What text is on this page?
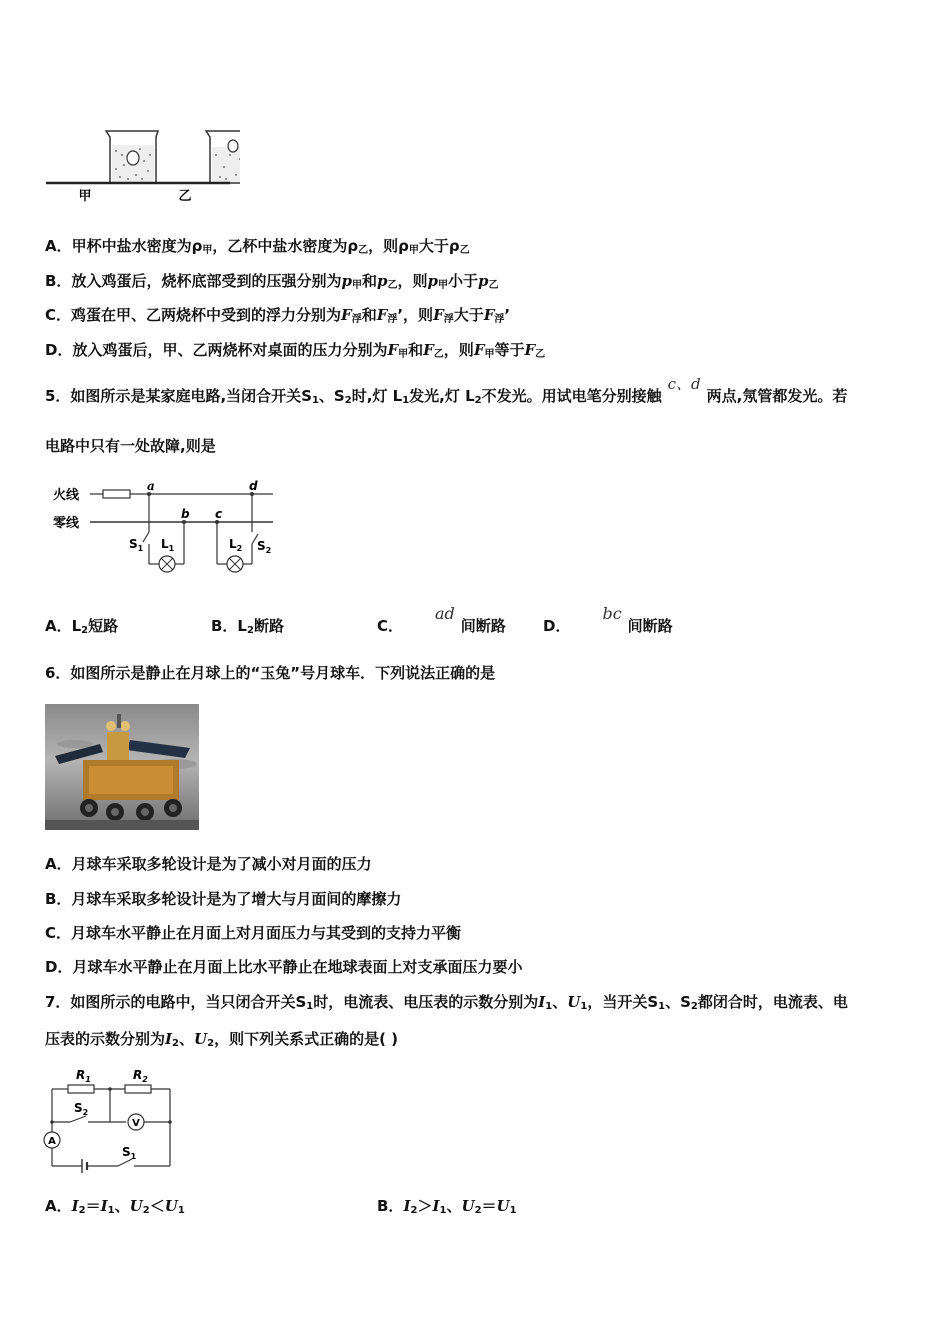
甲	乙
A．甲杯中盐水密度为$\rho_甲$，乙杯中盐水密度为$\rho_乙$，则$\rho_甲$大于$\rho_乙$
B．放入鸡蛋后，烧杯底部受到的压强分别为$p_甲$和$p_乙$，则$p_甲$小于$p_乙$
C．鸡蛋在甲、乙两烧杯中受到的浮力分别为$F_浮$和$F_浮$’，则$F_浮$大于$F_浮$’
D．放入鸡蛋后，甲、乙两烧杯对桌面的压力分别为$F_甲$和$F_乙$，则$F_甲$等于$F_乙$
5．如图所示是某家庭电路,当闭合开关$S_1$、$S_2$时,灯 $L_1$发光,灯 $L_2$不发光。用试电笔分别接触c、d两点,氖管都发光。若
电路中只有一处故障,则是
火线
零线
a	d
b c
$S_1$ $L_1$	$L_2$ $S_2$
A．$L_2$短路	B．$L_2$断路	C．ad间断路 D．bc间断路
6．如图所示是静止在月球上的“玉兔”号月球车．下列说法正确的是
A．月球车采取多轮设计是为了减小对月面的压力
B．月球车采取多轮设计是为了增大与月面间的摩擦力
C．月球车水平静止在月面上对月面压力与其受到的支持力平衡
D．月球车水平静止在月面上比水平静止在地球表面上对支承面压力要小
7．如图所示的电路中，当只闭合开关$S_1$时，电流表、电压表的示数分别为$I_1$、$U_1$，当开关$S_1$、$S_2$都闭合时，电流表、电
压表的示数分别为$I_2$、$U_2$，则下列关系式正确的是( )
$R_1$	$R_2$
$S_2$
V
A
$S_1$
A．$I_2=I_1$、$U_2<U_1$	B．$I_2>I_1$、$U_2=U_1$
